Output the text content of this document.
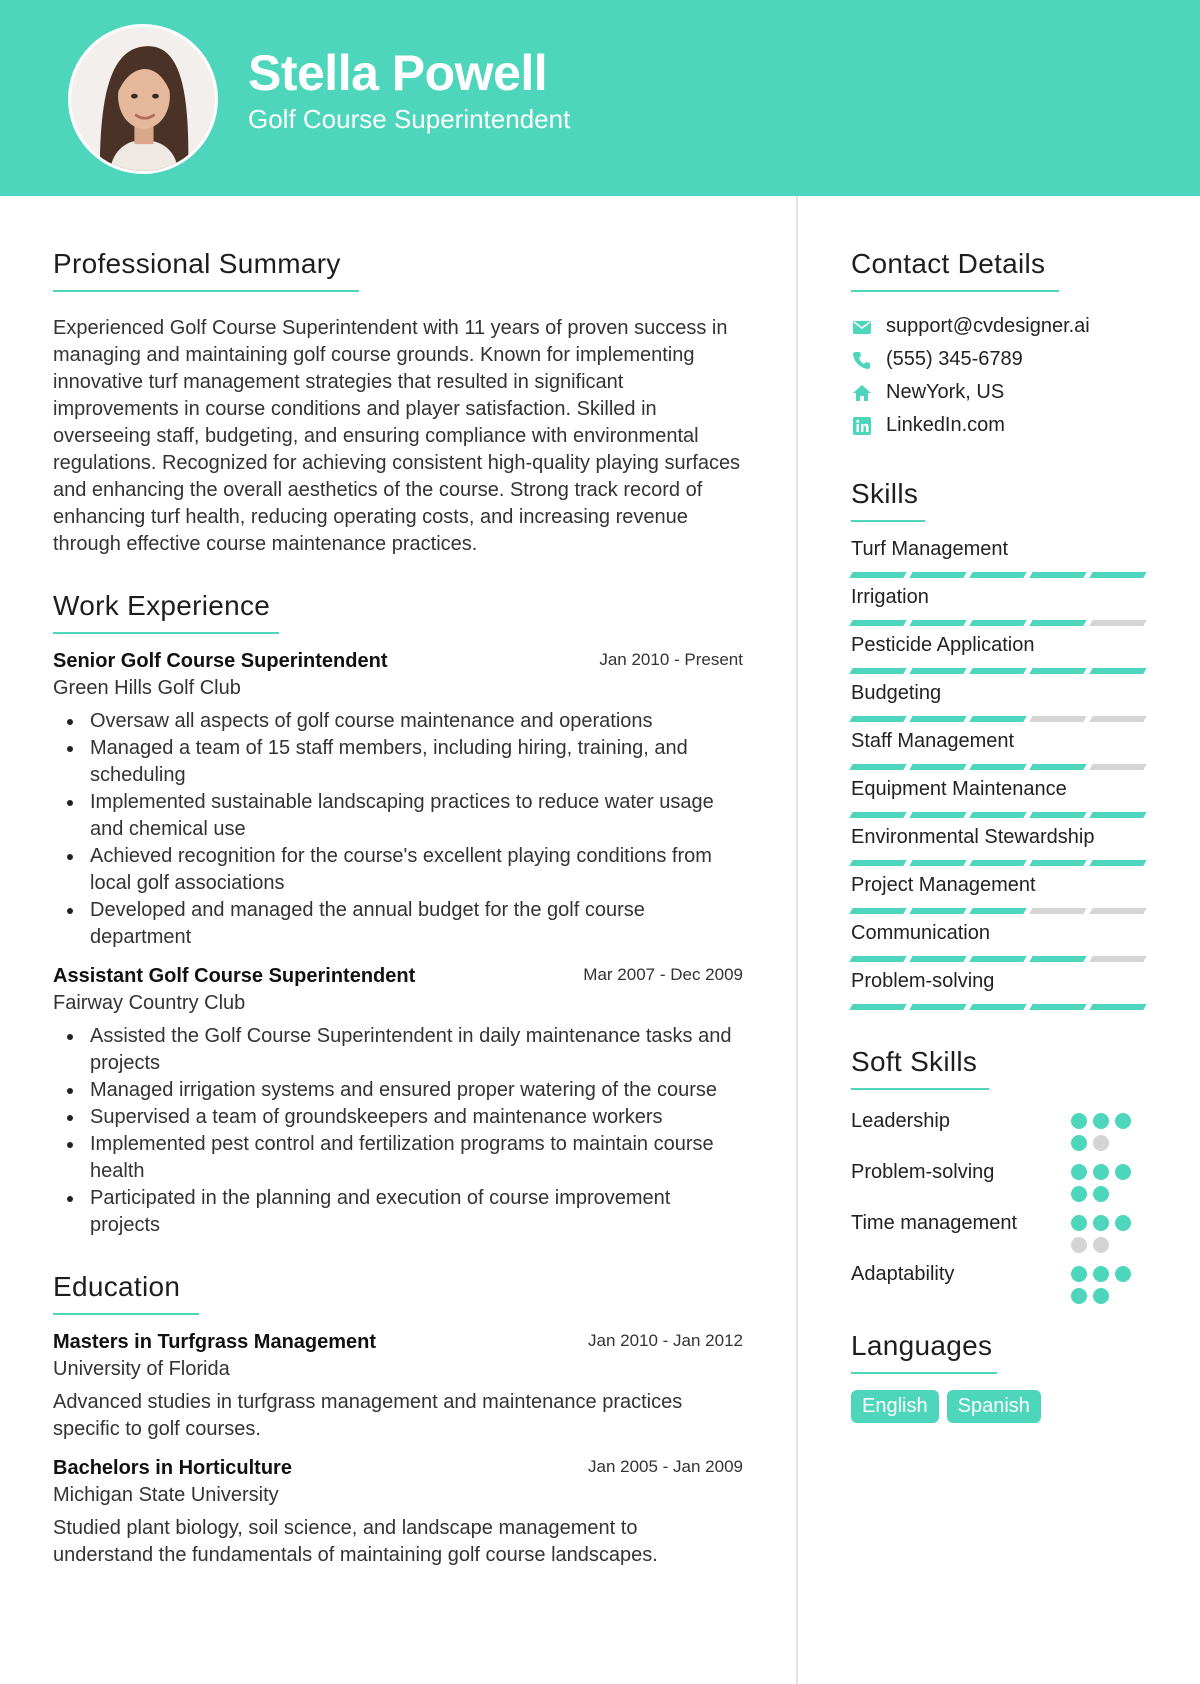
Stella Powell
Golf Course Superintendent
Professional Summary
Experienced Golf Course Superintendent with 11 years of proven success in managing and maintaining golf course grounds. Known for implementing innovative turf management strategies that resulted in significant improvements in course conditions and player satisfaction. Skilled in overseeing staff, budgeting, and ensuring compliance with environmental regulations. Recognized for achieving consistent high-quality playing surfaces and enhancing the overall aesthetics of the course. Strong track record of enhancing turf health, reducing operating costs, and increasing revenue through effective course maintenance practices.
Work Experience
Senior Golf Course Superintendent	Jan 2010 - Present
Green Hills Golf Club
Oversaw all aspects of golf course maintenance and operations
Managed a team of 15 staff members, including hiring, training, and scheduling
Implemented sustainable landscaping practices to reduce water usage and chemical use
Achieved recognition for the course's excellent playing conditions from local golf associations
Developed and managed the annual budget for the golf course department
Assistant Golf Course Superintendent	Mar 2007 - Dec 2009
Fairway Country Club
Assisted the Golf Course Superintendent in daily maintenance tasks and projects
Managed irrigation systems and ensured proper watering of the course
Supervised a team of groundskeepers and maintenance workers
Implemented pest control and fertilization programs to maintain course health
Participated in the planning and execution of course improvement projects
Education
Masters in Turfgrass Management	Jan 2010 - Jan 2012
University of Florida
Advanced studies in turfgrass management and maintenance practices specific to golf courses.
Bachelors in Horticulture	Jan 2005 - Jan 2009
Michigan State University
Studied plant biology, soil science, and landscape management to understand the fundamentals of maintaining golf course landscapes.
Contact Details
support@cvdesigner.ai
(555) 345-6789
NewYork, US
LinkedIn.com
Skills
Turf Management
Irrigation
Pesticide Application
Budgeting
Staff Management
Equipment Maintenance
Environmental Stewardship
Project Management
Communication
Problem-solving
Soft Skills
Leadership
Problem-solving
Time management
Adaptability
Languages
English	Spanish
